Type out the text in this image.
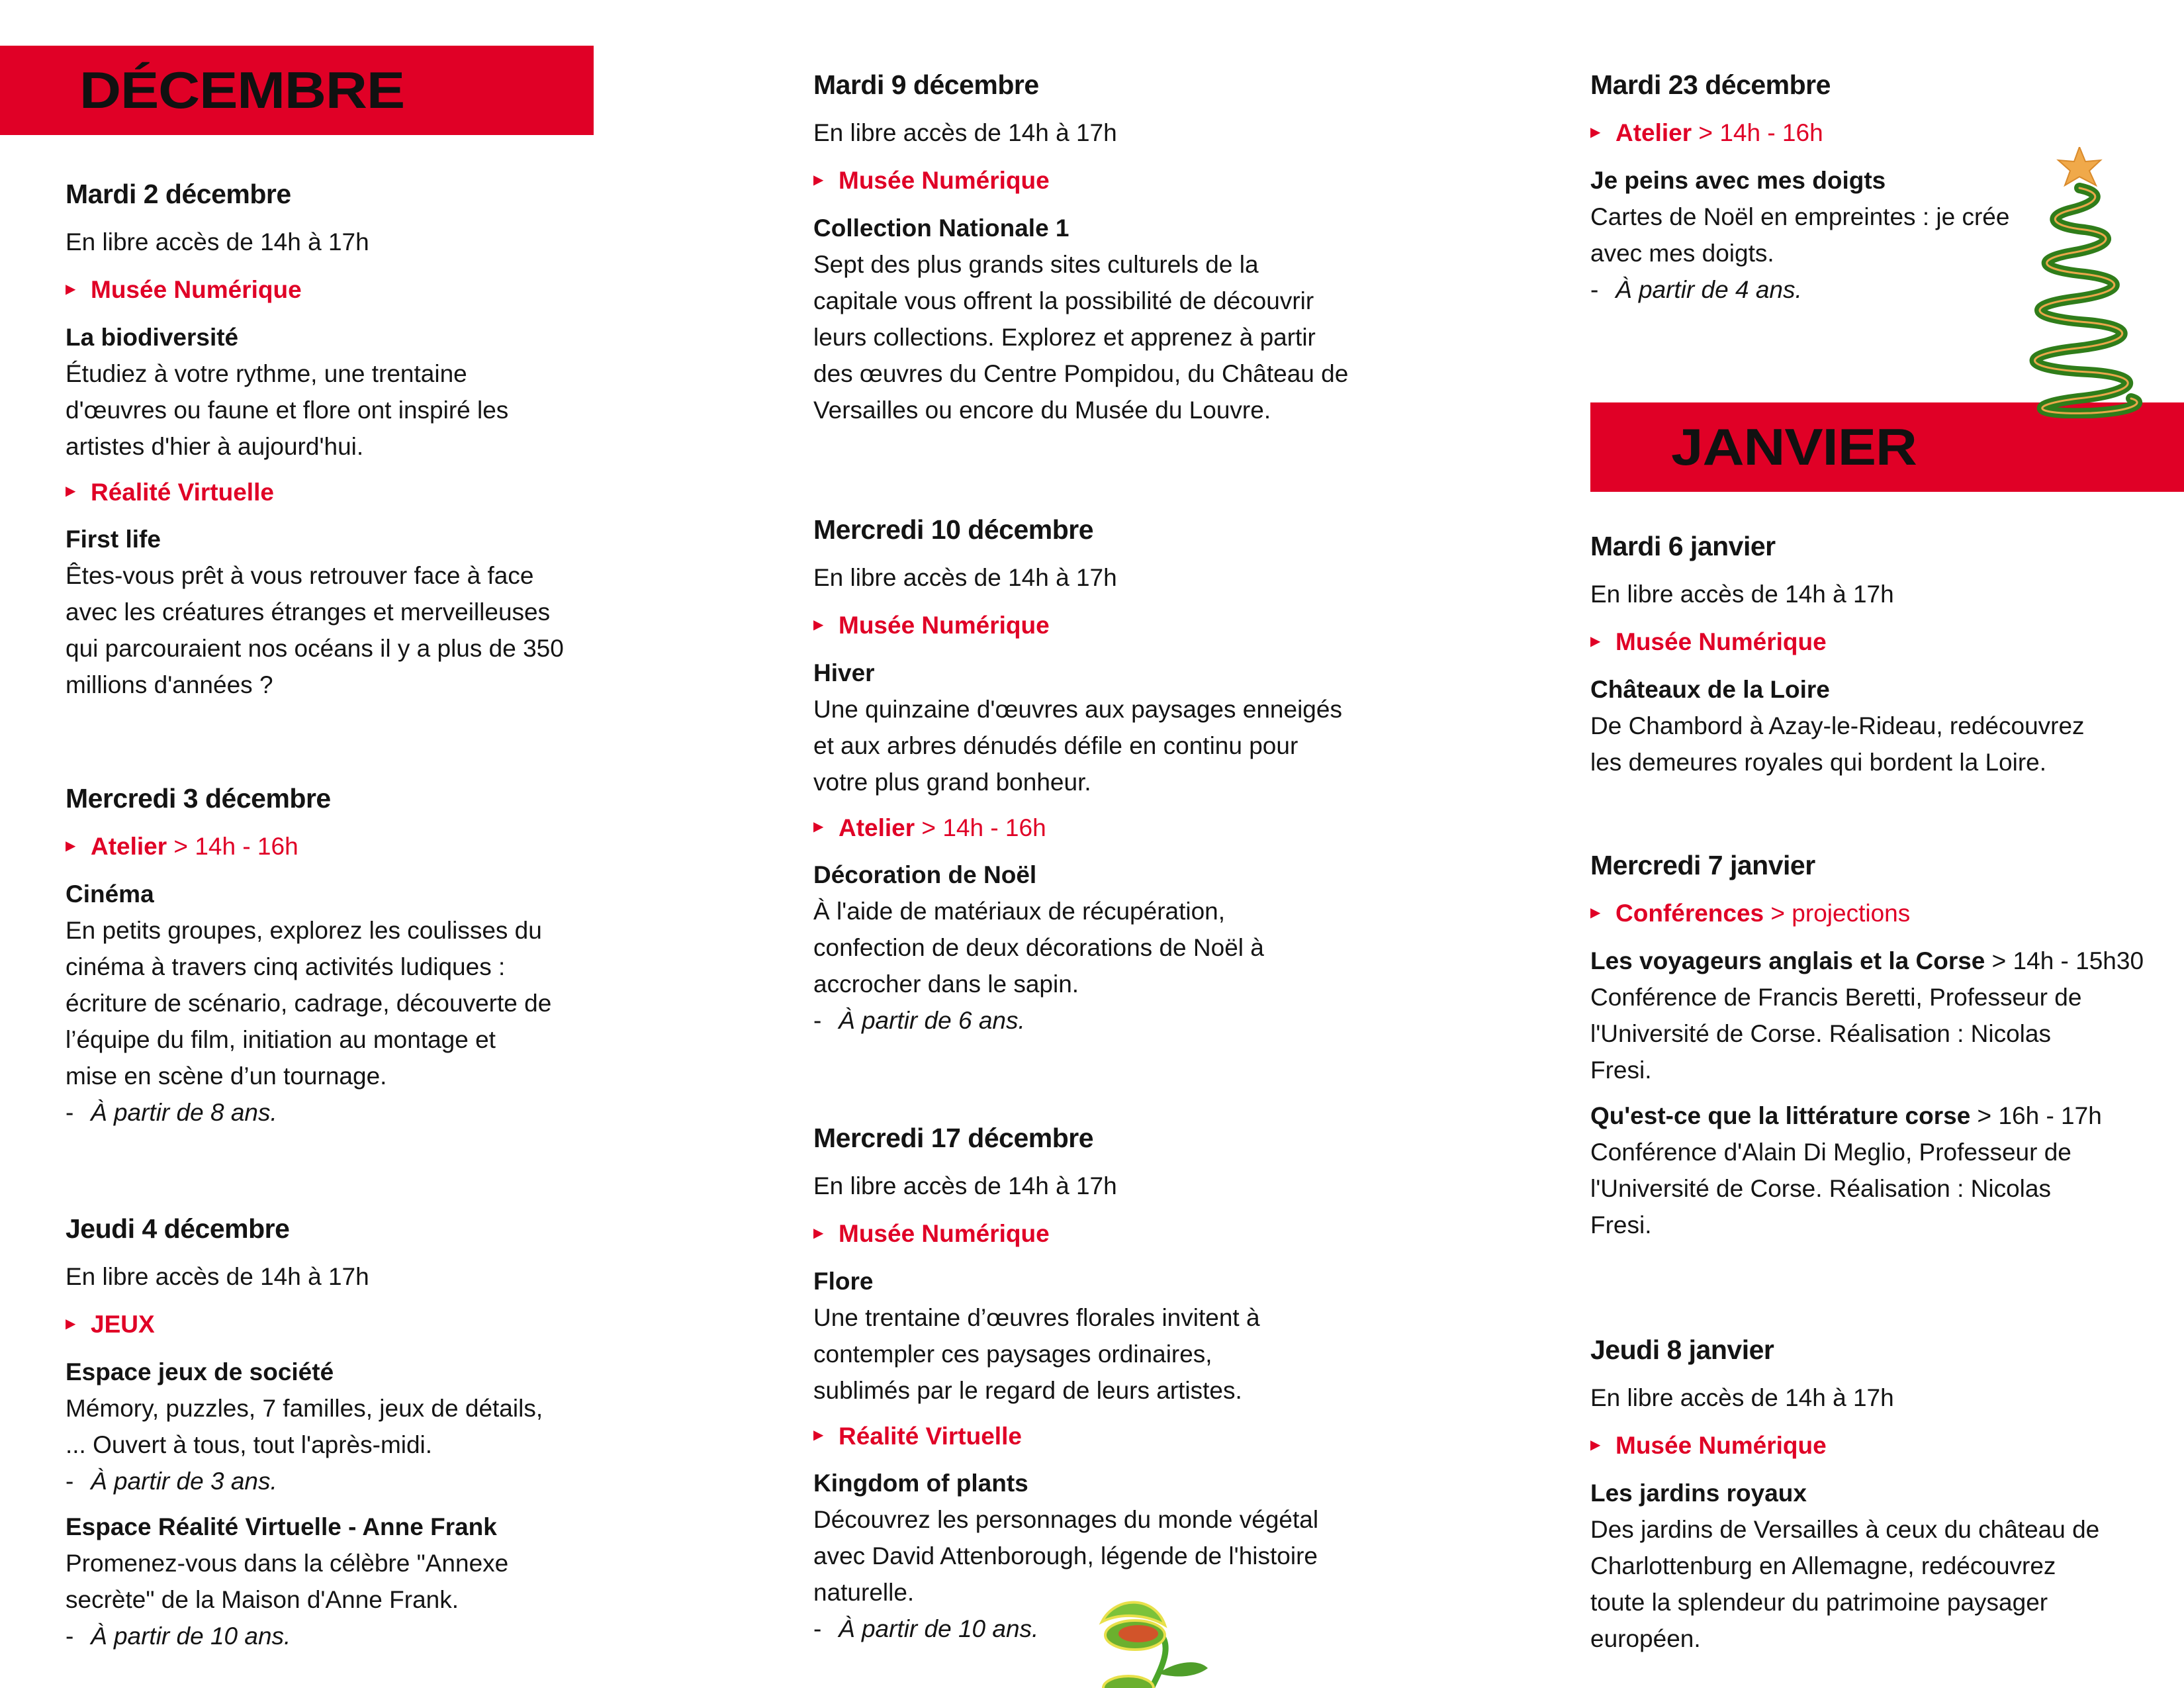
DÉCEMBRE
JANVIER
Mardi 2 décembre
En libre accès de 14h à 17h
▶ Musée Numérique
La biodiversité
Étudiez à votre rythme, une trentaine
d'œuvres ou faune et flore ont inspiré les
artistes d'hier à aujourd'hui.
▶ Réalité Virtuelle
First life
Êtes-vous prêt à vous retrouver face à face
avec les créatures étranges et merveilleuses
qui parcouraient nos océans il y a plus de 350
millions d'années ?
Mercredi 3 décembre
▶ Atelier > 14h - 16h
Cinéma
En petits groupes, explorez les coulisses du
cinéma à travers cinq activités ludiques :
écriture de scénario, cadrage, découverte de
l’équipe du film, initiation au montage et
mise en scène d’un tournage.
- À partir de 8 ans.
Jeudi 4 décembre
En libre accès de 14h à 17h
▶ JEUX
Espace jeux de société
Mémory, puzzles, 7 familles, jeux de détails,
... Ouvert à tous, tout l'après-midi.
- À partir de 3 ans.
Espace Réalité Virtuelle - Anne Frank
Promenez-vous dans la célèbre "Annexe
secrète" de la Maison d'Anne Frank.
- À partir de 10 ans.
Mardi 9 décembre
En libre accès de 14h à 17h
▶ Musée Numérique
Collection Nationale 1
Sept des plus grands sites culturels de la
capitale vous offrent la possibilité de découvrir
leurs collections. Explorez et apprenez à partir
des œuvres du Centre Pompidou, du Château de
Versailles ou encore du Musée du Louvre.
Mercredi 10 décembre
En libre accès de 14h à 17h
▶ Musée Numérique
Hiver
Une quinzaine d'œuvres aux paysages enneigés
et aux arbres dénudés défile en continu pour
votre plus grand bonheur.
▶ Atelier > 14h - 16h
Décoration de Noël
À l'aide de matériaux de récupération,
confection de deux décorations de Noël à
accrocher dans le sapin.
- À partir de 6 ans.
Mercredi 17 décembre
En libre accès de 14h à 17h
▶ Musée Numérique
Flore
Une trentaine d’œuvres florales invitent à
contempler ces paysages ordinaires,
sublimés par le regard de leurs artistes.
▶ Réalité Virtuelle
Kingdom of plants
Découvrez les personnages du monde végétal
avec David Attenborough, légende de l'histoire
naturelle.
- À partir de 10 ans.
Mardi 23 décembre
▶ Atelier > 14h - 16h
Je peins avec mes doigts
Cartes de Noël en empreintes : je crée
avec mes doigts.
- À partir de 4 ans.
Mardi 6 janvier
En libre accès de 14h à 17h
▶ Musée Numérique
Châteaux de la Loire
De Chambord à Azay-le-Rideau, redécouvrez
les demeures royales qui bordent la Loire.
Mercredi 7 janvier
▶ Conférences > projections
Les voyageurs anglais et la Corse > 14h - 15h30
Conférence de Francis Beretti, Professeur de
l'Université de Corse. Réalisation : Nicolas
Fresi.
Qu'est-ce que la littérature corse > 16h - 17h
Conférence d'Alain Di Meglio, Professeur de
l'Université de Corse. Réalisation : Nicolas
Fresi.
Jeudi 8 janvier
En libre accès de 14h à 17h
▶ Musée Numérique
Les jardins royaux
Des jardins de Versailles à ceux du château de
Charlottenburg en Allemagne, redécouvrez
toute la splendeur du patrimoine paysager
européen.
